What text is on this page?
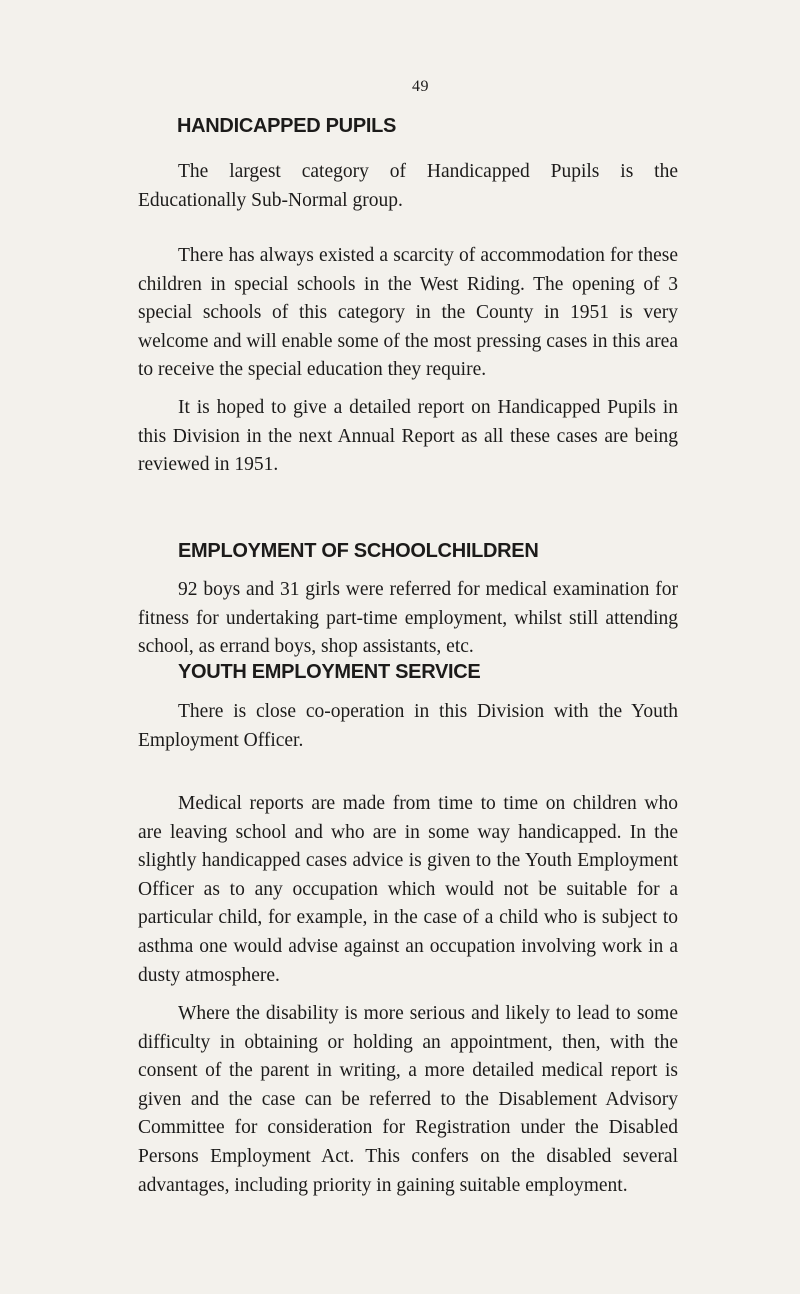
49
HANDICAPPED PUPILS

The largest category of Handicapped Pupils is the Educationally Sub-Normal group.

There has always existed a scarcity of accommodation for these children in special schools in the West Riding. The opening of 3 special schools of this category in the County in 1951 is very welcome and will enable some of the most pressing cases in this area to receive the special education they require.

It is hoped to give a detailed report on Handicapped Pupils in this Division in the next Annual Report as all these cases are being reviewed in 1951.

EMPLOYMENT OF SCHOOLCHILDREN

92 boys and 31 girls were referred for medical examination for fitness for undertaking part-time employment, whilst still attending school, as errand boys, shop assistants, etc.

YOUTH EMPLOYMENT SERVICE

There is close co-operation in this Division with the Youth Employment Officer.

Medical reports are made from time to time on children who are leaving school and who are in some way handicapped. In the slightly handicapped cases advice is given to the Youth Employment Officer as to any occupation which would not be suitable for a particular child, for example, in the case of a child who is subject to asthma one would advise against an occupation involving work in a dusty atmosphere.

Where the disability is more serious and likely to lead to some difficulty in obtaining or holding an appointment, then, with the consent of the parent in writing, a more detailed medical report is given and the case can be referred to the Disablement Advisory Committee for consideration for Registration under the Disabled Persons Employment Act. This confers on the disabled several advantages, including priority in gaining suitable employment.
